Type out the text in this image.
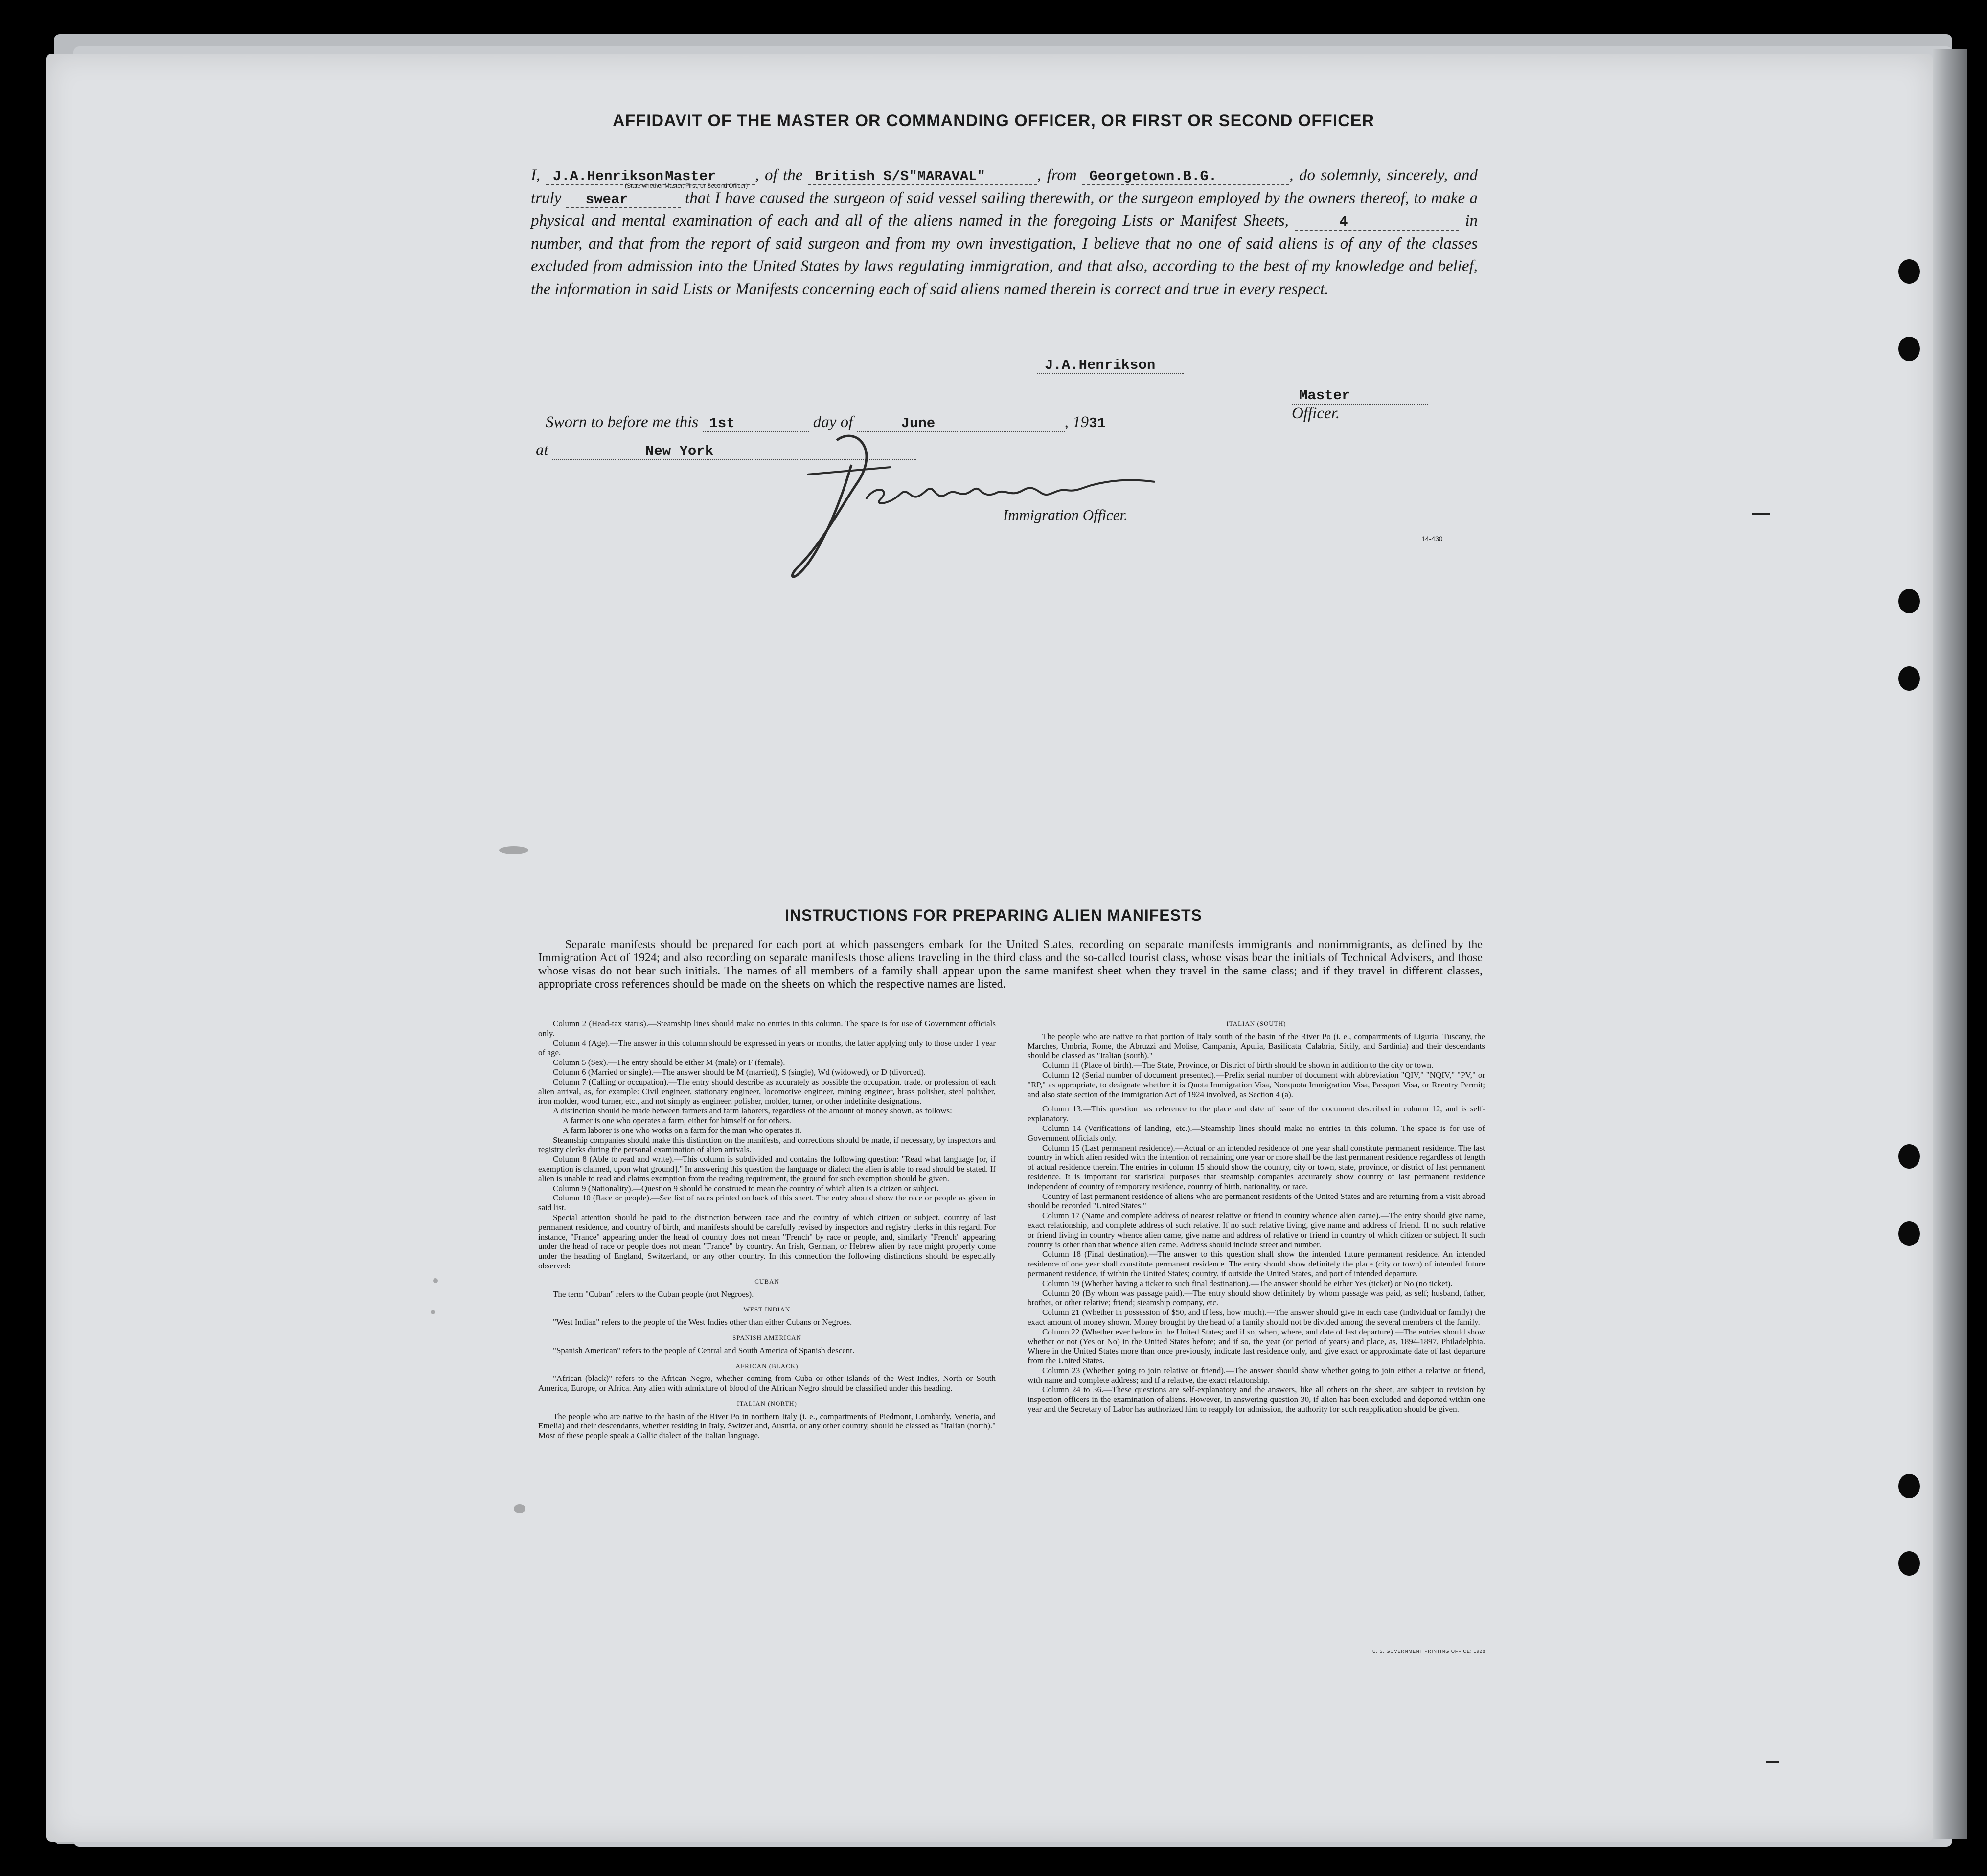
AFFIDAVIT OF THE MASTER OR COMMANDING OFFICER, OR FIRST OR SECOND OFFICER
I, J.A.Henrikson Master , of the British S/S"MARAVAL"	, from Georgetown.B.G.	, do solemnly, sincerely, and truly swear	that I have caused the surgeon of said vessel sailing therewith, or the surgeon employed by the owners thereof, to make a physical and mental examination of each and all of the aliens named in the foregoing Lists or Manifest Sheets,	4	in number, and that from the report of said surgeon and from my own investigation, I believe that no one of said aliens is of any of the classes excluded from admission into the United States by laws regulating immigration, and that also, according to the best of my knowledge and belief, the information in said Lists or Manifests concerning each of said aliens named therein is correct and true in every respect.
(State whether Master, First, or Second Officer)
J.A.Henrikson
MasterOfficer.
Sworn to before me this 1st	day of	June	, 1931
at	New York
Immigration Officer.
14-430
INSTRUCTIONS FOR PREPARING ALIEN MANIFESTS

Separate manifests should be prepared for each port at which passengers embark for the United States, recording on separate manifests immigrants and nonimmigrants, as defined by the Immigration Act of 1924; and also recording on separate manifests those aliens traveling in the third class and the so-called tourist class, whose visas bear the initials of Technical Advisers, and those whose visas do not bear such initials. The names of all members of a family shall appear upon the same manifest sheet when they travel in the same class; and if they travel in different classes, appropriate cross references should be made on the sheets on which the respective names are listed.

Column 2 (Head-tax status).—Steamship lines should make no entries in this column. The space is for use of Government officials only.

Column 4 (Age).—The answer in this column should be expressed in years or months, the latter applying only to those under 1 year of age.

Column 5 (Sex).—The entry should be either M (male) or F (female).

Column 6 (Married or single).—The answer should be M (married), S (single), Wd (widowed), or D (divorced).

Column 7 (Calling or occupation).—The entry should describe as accurately as possible the occupation, trade, or profession of each alien arrival, as, for example: Civil engineer, stationary engineer, locomotive engineer, mining engineer, brass polisher, steel polisher, iron molder, wood turner, etc., and not simply as engineer, polisher, molder, turner, or other indefinite designations.

A distinction should be made between farmers and farm laborers, regardless of the amount of money shown, as follows:

A farmer is one who operates a farm, either for himself or for others.

A farm laborer is one who works on a farm for the man who operates it.

Steamship companies should make this distinction on the manifests, and corrections should be made, if necessary, by inspectors and registry clerks during the personal examination of alien arrivals.

Column 8 (Able to read and write).—This column is subdivided and contains the following question: "Read what language [or, if exemption is claimed, upon what ground]." In answering this question the language or dialect the alien is able to read should be stated. If alien is unable to read and claims exemption from the reading requirement, the ground for such exemption should be given.

Column 9 (Nationality).—Question 9 should be construed to mean the country of which alien is a citizen or subject.

Column 10 (Race or people).—See list of races printed on back of this sheet. The entry should show the race or people as given in said list.

Special attention should be paid to the distinction between race and the country of which citizen or subject, country of last permanent residence, and country of birth, and manifests should be carefully revised by inspectors and registry clerks in this regard. For instance, "France" appearing under the head of country does not mean "French" by race or people, and, similarly "French" appearing under the head of race or people does not mean "France" by country. An Irish, German, or Hebrew alien by race might properly come under the heading of England, Switzerland, or any other country. In this connection the following distinctions should be especially observed:

CUBAN

The term "Cuban" refers to the Cuban people (not Negroes).

WEST INDIAN

"West Indian" refers to the people of the West Indies other than either Cubans or Negroes.

SPANISH AMERICAN

"Spanish American" refers to the people of Central and South America of Spanish descent.

AFRICAN (BLACK)

"African (black)" refers to the African Negro, whether coming from Cuba or other islands of the West Indies, North or South America, Europe, or Africa. Any alien with admixture of blood of the African Negro should be classified under this heading.

ITALIAN (NORTH)

The people who are native to the basin of the River Po in northern Italy (i. e., compartments of Piedmont, Lombardy, Venetia, and Emelia) and their descendants, whether residing in Italy, Switzerland, Austria, or any other country, should be classed as "Italian (north)." Most of these people speak a Gallic dialect of the Italian language.

ITALIAN (SOUTH)

The people who are native to that portion of Italy south of the basin of the River Po (i. e., compartments of Liguria, Tuscany, the Marches, Umbria, Rome, the Abruzzi and Molise, Campania, Apulia, Basilicata, Calabria, Sicily, and Sardinia) and their descendants should be classed as "Italian (south)."

Column 11 (Place of birth).—The State, Province, or District of birth should be shown in addition to the city or town.

Column 12 (Serial number of document presented).—Prefix serial number of document with abbreviation "QIV," "NQIV," "PV," or "RP," as appropriate, to designate whether it is Quota Immigration Visa, Nonquota Immigration Visa, Passport Visa, or Reentry Permit; and also state section of the Immigration Act of 1924 involved, as Section 4 (a).

Column 13.—This question has reference to the place and date of issue of the document described in column 12, and is self-explanatory.

Column 14 (Verifications of landing, etc.).—Steamship lines should make no entries in this column. The space is for use of Government officials only.

Column 15 (Last permanent residence).—Actual or an intended residence of one year shall constitute permanent residence. The last country in which alien resided with the intention of remaining one year or more shall be the last permanent residence regardless of length of actual residence therein. The entries in column 15 should show the country, city or town, state, province, or district of last permanent residence. It is important for statistical purposes that steamship companies accurately show country of last permanent residence independent of country of temporary residence, country of birth, nationality, or race.

Country of last permanent residence of aliens who are permanent residents of the United States and are returning from a visit abroad should be recorded "United States."

Column 17 (Name and complete address of nearest relative or friend in country whence alien came).—The entry should give name, exact relationship, and complete address of such relative. If no such relative living, give name and address of friend. If no such relative or friend living in country whence alien came, give name and address of relative or friend in country of which citizen or subject. If such country is other than that whence alien came. Address should include street and number.

Column 18 (Final destination).—The answer to this question shall show the intended future permanent residence. An intended residence of one year shall constitute permanent residence. The entry should show definitely the place (city or town) of intended future permanent residence, if within the United States; country, if outside the United States, and port of intended departure.

Column 19 (Whether having a ticket to such final destination).—The answer should be either Yes (ticket) or No (no ticket).

Column 20 (By whom was passage paid).—The entry should show definitely by whom passage was paid, as self; husband, father, brother, or other relative; friend; steamship company, etc.

Column 21 (Whether in possession of $50, and if less, how much).—The answer should give in each case (individual or family) the exact amount of money shown. Money brought by the head of a family should not be divided among the several members of the family.

Column 22 (Whether ever before in the United States; and if so, when, where, and date of last departure).—The entries should show whether or not (Yes or No) in the United States before; and if so, the year (or period of years) and place, as, 1894-1897, Philadelphia. Where in the United States more than once previously, indicate last residence only, and give exact or approximate date of last departure from the United States.

Column 23 (Whether going to join relative or friend).—The answer should show whether going to join either a relative or friend, with name and complete address; and if a relative, the exact relationship.

Column 24 to 36.—These questions are self-explanatory and the answers, like all others on the sheet, are subject to revision by inspection officers in the examination of aliens. However, in answering question 30, if alien has been excluded and deported within one year and the Secretary of Labor has authorized him to reapply for admission, the authority for such reapplication should be given.

U. S. GOVERNMENT PRINTING OFFICE: 1928
